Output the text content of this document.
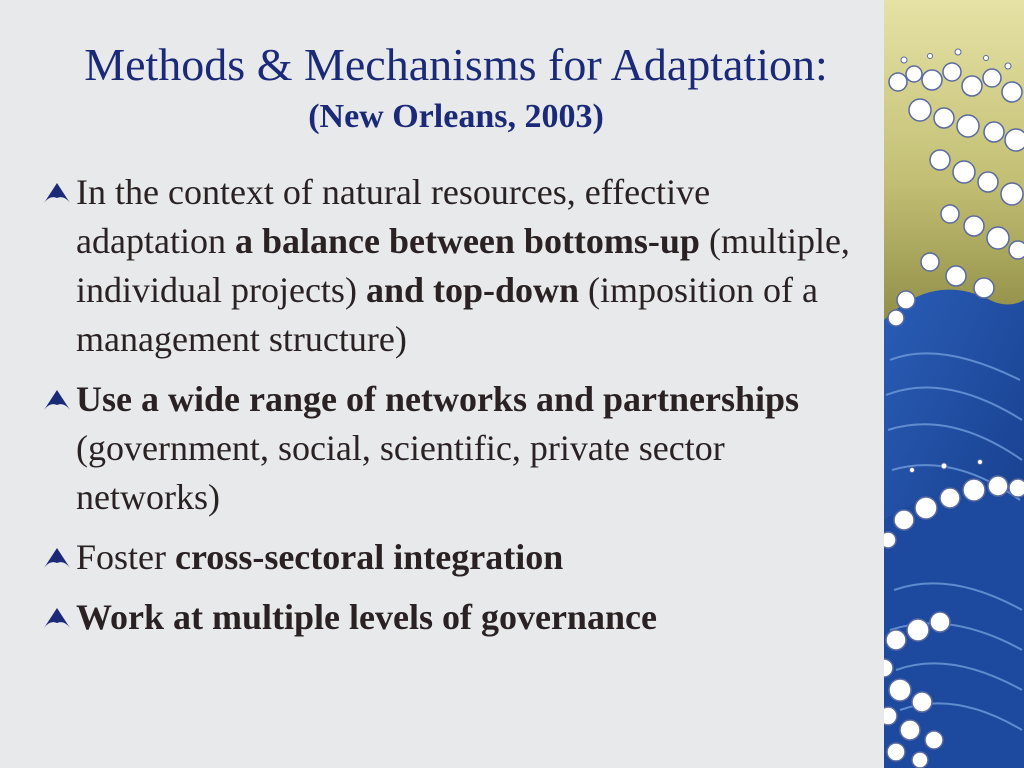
Methods & Mechanisms for Adaptation:
(New Orleans, 2003)
In the context of natural resources, effective adaptation a balance between bottoms-up (multiple, individual projects) and top-down (imposition of a management structure)
Use a wide range of networks and partnerships (government, social, scientific, private sector networks)
Foster cross-sectoral integration
Work at multiple levels of governance
